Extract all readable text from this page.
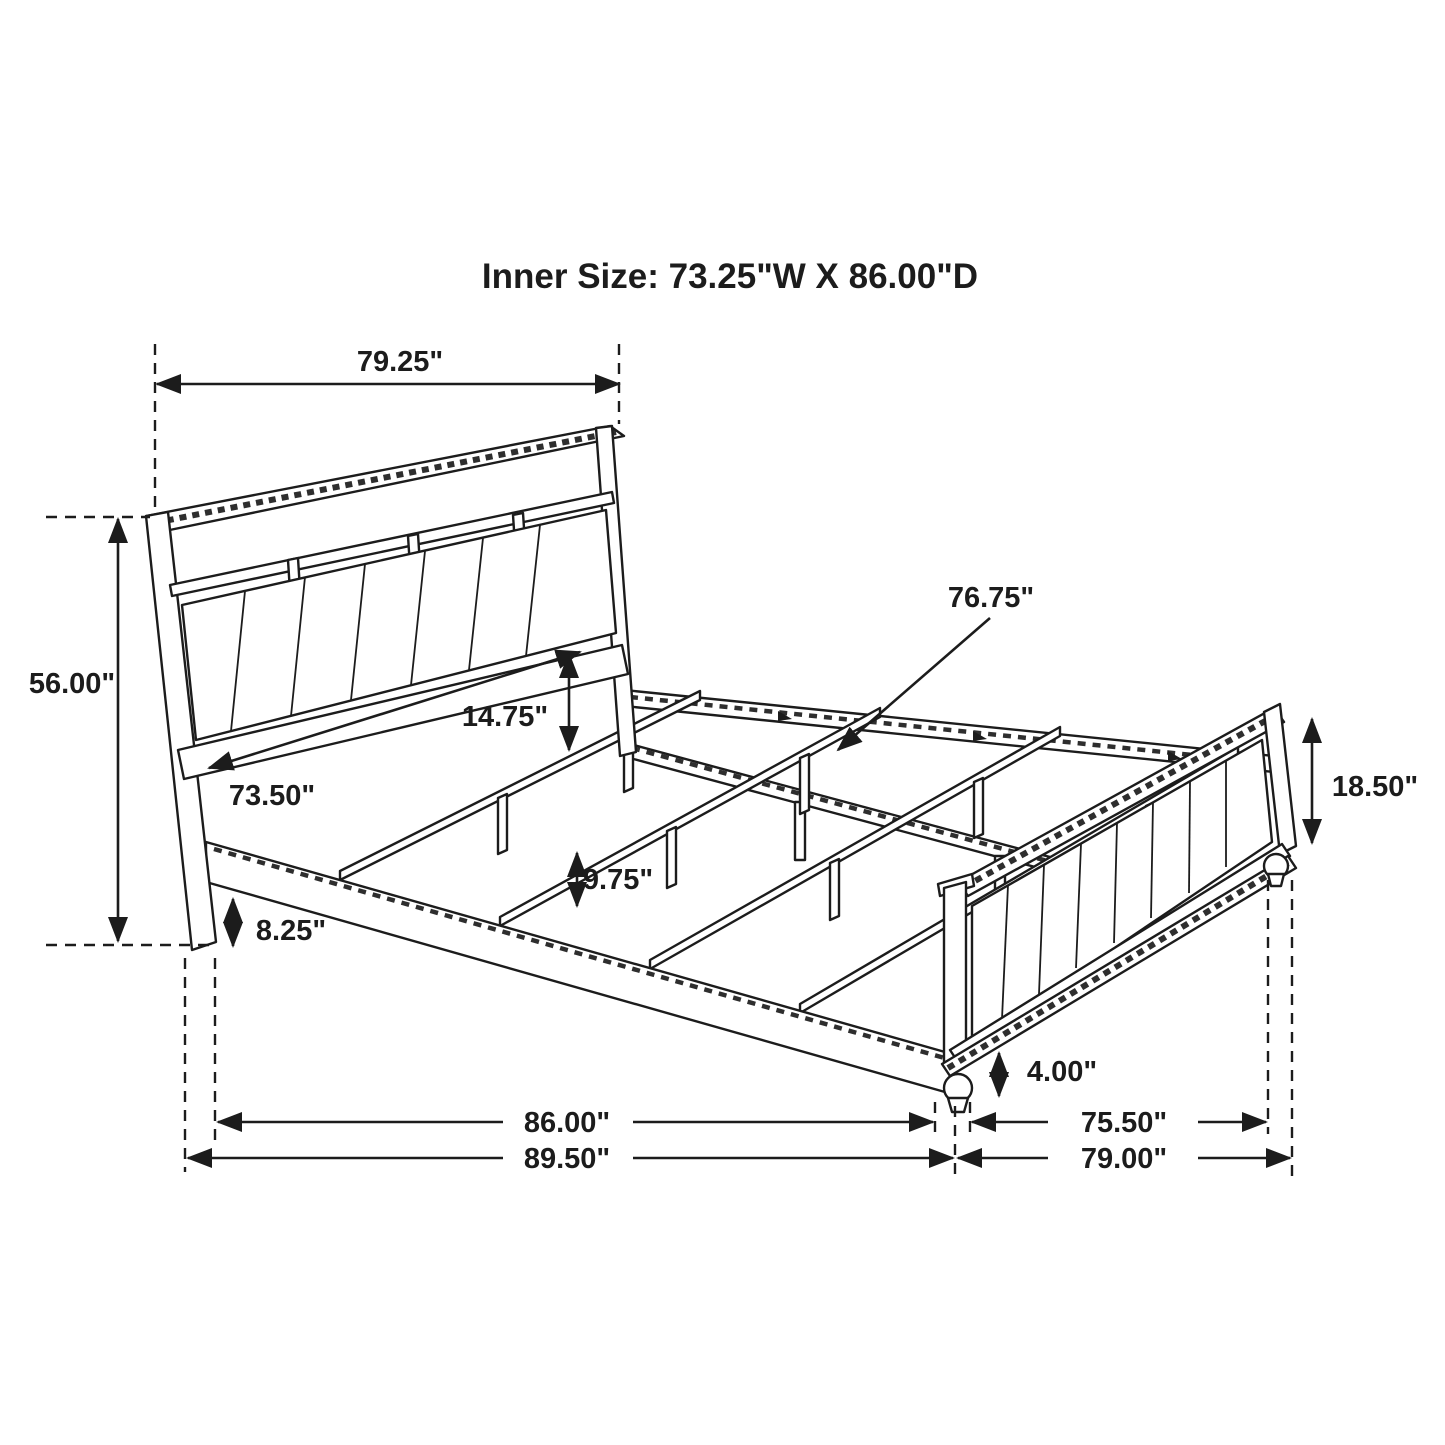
Inner Size: 73.25"W X 86.00"D
79.25"
56.00"
14.75"
73.50"
76.75"
18.50"
9.75"
8.25"
4.00"
86.00"	75.50"
89.50"	79.00"
